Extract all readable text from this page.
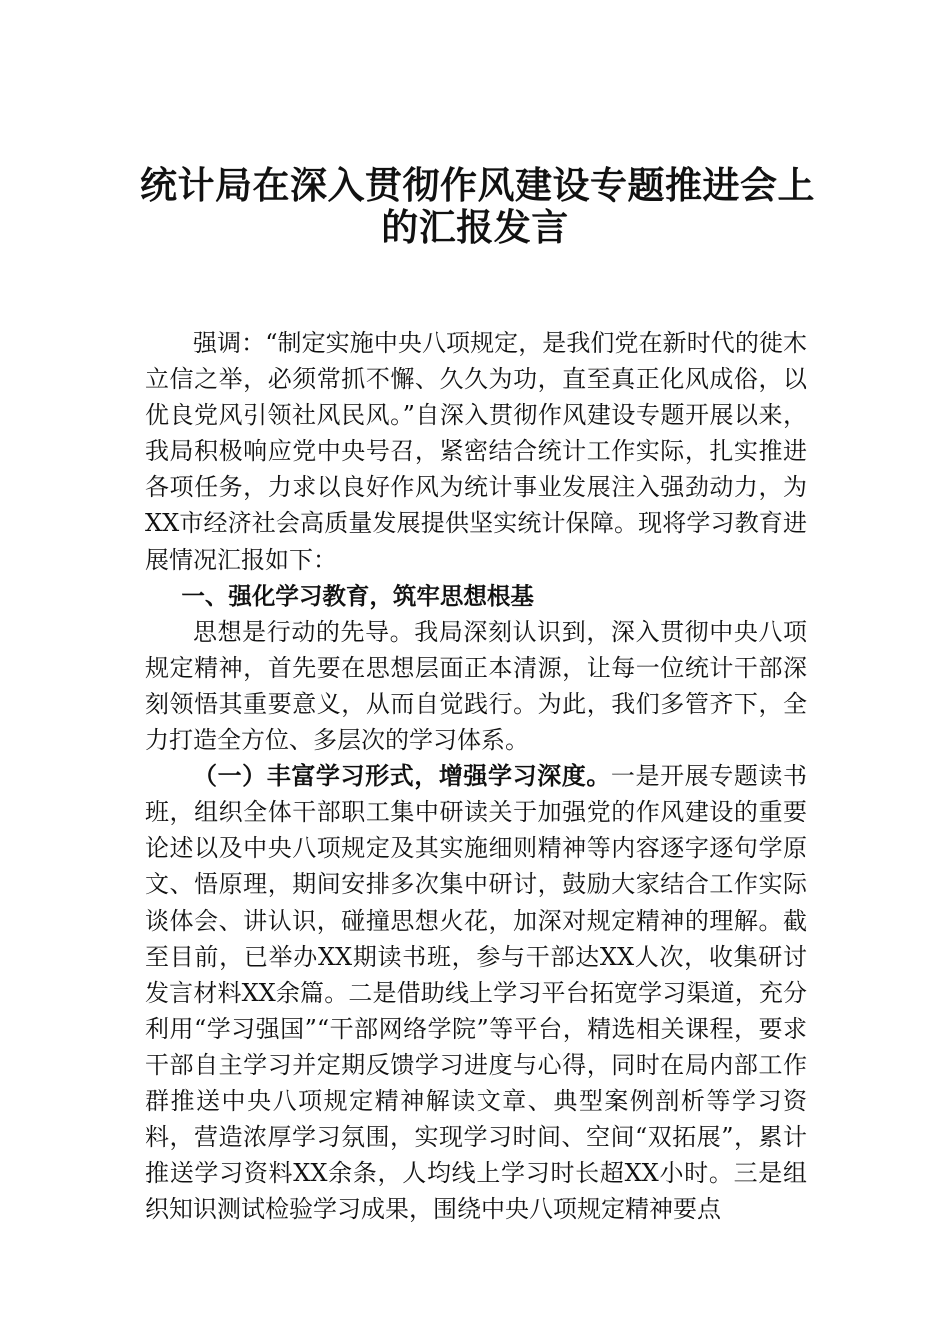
统计局在深入贯彻作风建设专题推进会上
的汇报发言

强调：“制定实施中央八项规定，是我们党在新时代的徙木立信之举，必须常抓不懈、久久为功，直至真正化风成俗，以优良党风引领社风民风。”自深入贯彻作风建设专题开展以来，我局积极响应党中央号召，紧密结合统计工作实际，扎实推进各项任务，力求以良好作风为统计事业发展注入强劲动力，为XX市经济社会高质量发展提供坚实统计保障。现将学习教育进展情况汇报如下：

一、强化学习教育，筑牢思想根基

思想是行动的先导。我局深刻认识到，深入贯彻中央八项规定精神，首先要在思想层面正本清源，让每一位统计干部深刻领悟其重要意义，从而自觉践行。为此，我们多管齐下，全力打造全方位、多层次的学习体系。

（一）丰富学习形式，增强学习深度。一是开展专题读书班，组织全体干部职工集中研读关于加强党的作风建设的重要论述以及中央八项规定及其实施细则精神等内容逐字逐句学原文、悟原理，期间安排多次集中研讨，鼓励大家结合工作实际谈体会、讲认识，碰撞思想火花，加深对规定精神的理解。截至目前，已举办XX期读书班，参与干部达XX人次，收集研讨发言材料XX余篇。二是借助线上学习平台拓宽学习渠道，充分利用“学习强国”“干部网络学院”等平台，精选相关课程，要求干部自主学习并定期反馈学习进度与心得，同时在局内部工作群推送中央八项规定精神解读文章、典型案例剖析等学习资料，营造浓厚学习氛围，实现学习时间、空间“双拓展”，累计推送学习资料XX余条，人均线上学习时长超XX小时。三是组织知识测试检验学习成果，围绕中央八项规定精神要点
